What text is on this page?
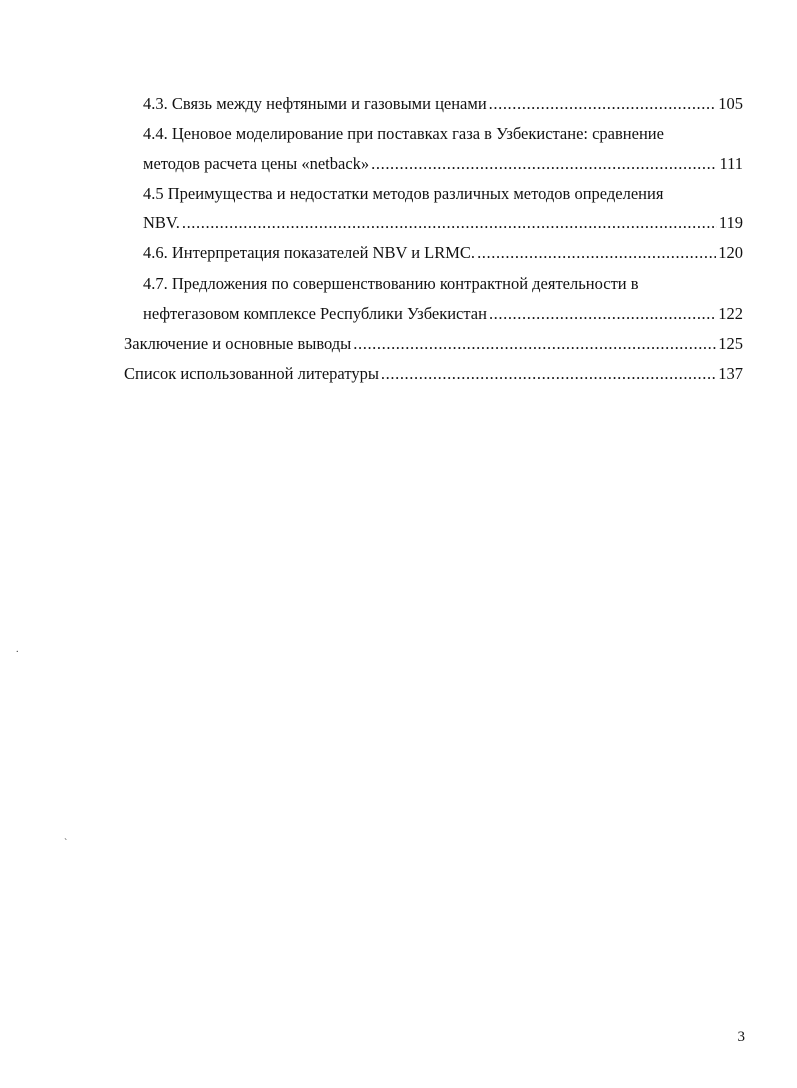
4.3. Связь между нефтяными и газовыми ценами .....	105
4.4. Ценовое моделирование при поставках газа в Узбекистане: сравнение
методов расчета цены «netback» .....	111
4.5 Преимущества и недостатки методов различных методов определения
NBV. .....	119
4.6. Интерпретация показателей NBV и LRMC. .....	120
4.7. Предложения по совершенствованию контрактной деятельности в
нефтегазовом комплексе Республики Узбекистан .....	122
Заключение и основные выводы .....	125
Список использованной литературы .....	137
.
`
3
